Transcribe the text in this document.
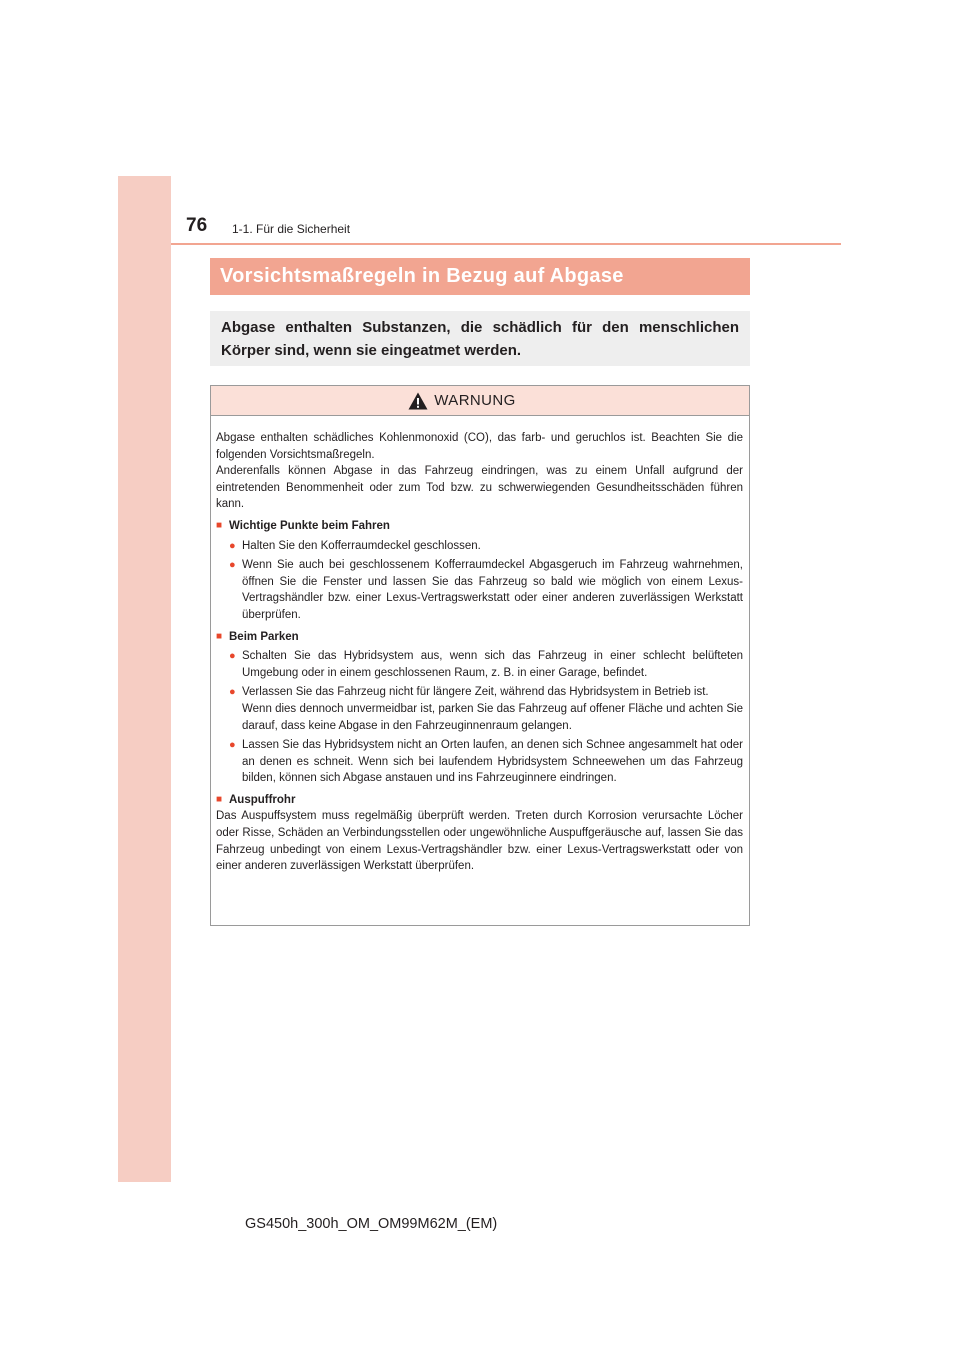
76 1-1. Für die Sicherheit
Vorsichtsmaßregeln in Bezug auf Abgase
Abgase enthalten Substanzen, die schädlich für den menschlichen Körper sind, wenn sie eingeatmet werden.
WARNUNG

Abgase enthalten schädliches Kohlenmonoxid (CO), das farb- und geruchlos ist. Beachten Sie die folgenden Vorsichtsmaßregeln.

Anderenfalls können Abgase in das Fahrzeug eindringen, was zu einem Unfall aufgrund der eintretenden Benommenheit oder zum Tod bzw. zu schwerwiegenden Gesundheitsschäden führen kann.

■ Wichtige Punkte beim Fahren
● Halten Sie den Kofferraumdeckel geschlossen.

● Wenn Sie auch bei geschlossenem Kofferraumdeckel Abgasgeruch im Fahrzeug wahrnehmen, öffnen Sie die Fenster und lassen Sie das Fahrzeug so bald wie möglich von einem Lexus-Vertragshändler bzw. einer Lexus-Vertragswerkstatt oder einer anderen zuverlässigen Werkstatt überprüfen.

■ Beim Parken
● Schalten Sie das Hybridsystem aus, wenn sich das Fahrzeug in einer schlecht belüfteten Umgebung oder in einem geschlossenen Raum, z. B. in einer Garage, befindet.

● Verlassen Sie das Fahrzeug nicht für längere Zeit, während das Hybridsystem in Betrieb ist.

Wenn dies dennoch unvermeidbar ist, parken Sie das Fahrzeug auf offener Fläche und achten Sie darauf, dass keine Abgase in den Fahrzeuginnenraum gelangen.

● Lassen Sie das Hybridsystem nicht an Orten laufen, an denen sich Schnee angesammelt hat oder an denen es schneit. Wenn sich bei laufendem Hybridsystem Schneewehen um das Fahrzeug bilden, können sich Abgase anstauen und ins Fahrzeuginnere eindringen.

■ Auspuffrohr

Das Auspuffsystem muss regelmäßig überprüft werden. Treten durch Korrosion verursachte Löcher oder Risse, Schäden an Verbindungsstellen oder ungewöhnliche Auspuffgeräusche auf, lassen Sie das Fahrzeug unbedingt von einem Lexus-Vertragshändler bzw. einer Lexus-Vertragswerkstatt oder von einer anderen zuverlässigen Werkstatt überprüfen.

GS450h_300h_OM_OM99M62M_(EM)
